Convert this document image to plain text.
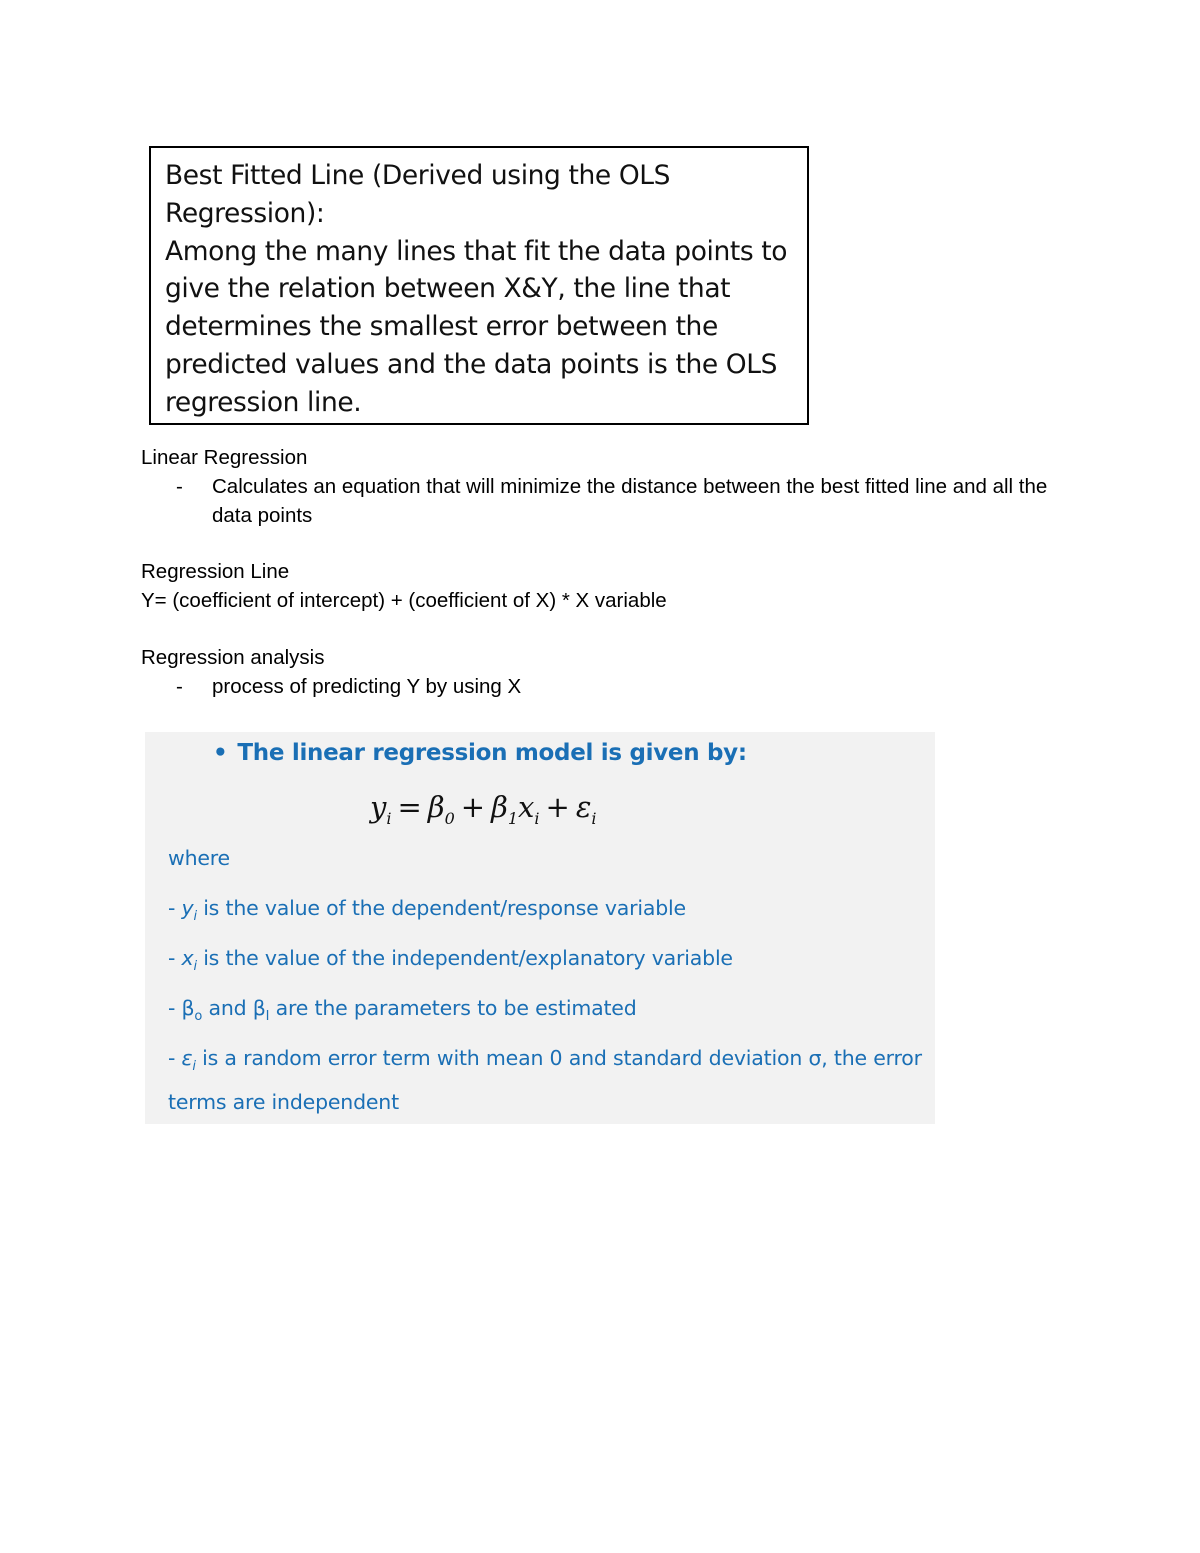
Best Fitted Line (Derived using the OLS Regression):

Among the many lines that fit the data points to give the relation between X&Y, the line that determines the smallest error between the predicted values and the data points is the OLS regression line.

Linear Regression
- Calculates an equation that will minimize the distance between the best fitted line and all the data points
Regression Line
Y= (coefficient of intercept) + (coefficient of X) * X variable
Regression analysis
- process of predicting Y by using X
• The linear regression model is given by:
$y_i = \beta_0 + \beta_1x_i + \varepsilon_i$
where
- $y_i$ is the value of the dependent/response variable
- $x_i$ is the value of the independent/explanatory variable
- $\beta_o$ and $\beta_I$ are the parameters to be estimated
- $\varepsilon_i$ is a random error term with mean 0 and standard deviation σ, the error
terms are independent
